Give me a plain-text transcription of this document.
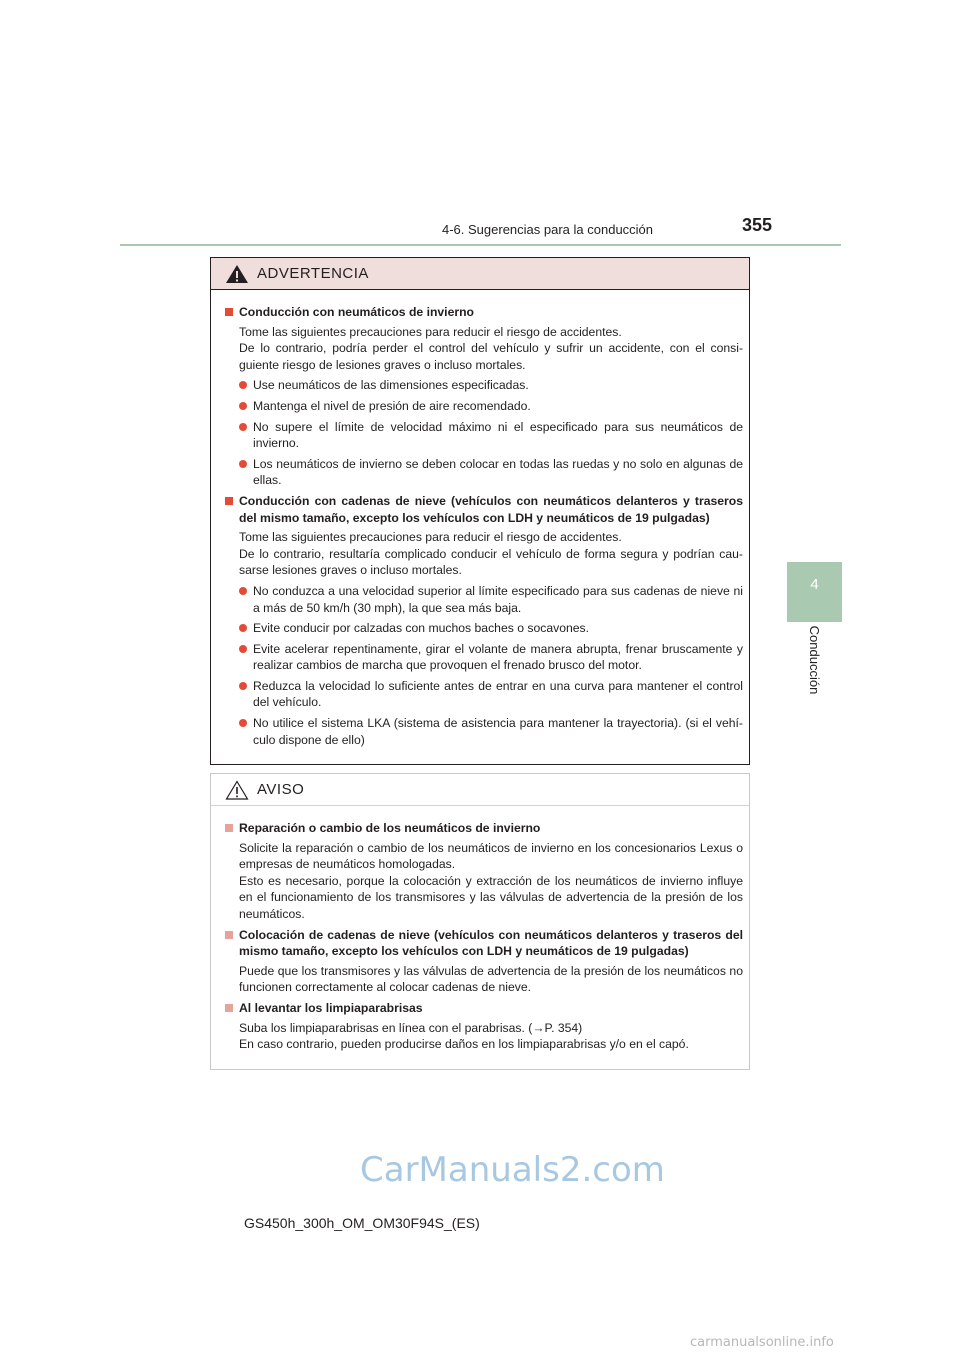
4-6. Sugerencias para la conducción	355
4
Conducción
ADVERTENCIA
Conducción con neumáticos de invierno
Tome las siguientes precauciones para reducir el riesgo de accidentes.
De lo contrario, podría perder el control del vehículo y sufrir un accidente, con el consi-guiente riesgo de lesiones graves o incluso mortales.
Use neumáticos de las dimensiones especificadas.
Mantenga el nivel de presión de aire recomendado.
No supere el límite de velocidad máximo ni el especificado para sus neumáticos de invierno.
Los neumáticos de invierno se deben colocar en todas las ruedas y no solo en algunas de ellas.
Conducción con cadenas de nieve (vehículos con neumáticos delanteros y traseros del mismo tamaño, excepto los vehículos con LDH y neumáticos de 19 pulgadas)
Tome las siguientes precauciones para reducir el riesgo de accidentes.
De lo contrario, resultaría complicado conducir el vehículo de forma segura y podrían cau-sarse lesiones graves o incluso mortales.
No conduzca a una velocidad superior al límite especificado para sus cadenas de nieve ni a más de 50 km/h (30 mph), la que sea más baja.
Evite conducir por calzadas con muchos baches o socavones.
Evite acelerar repentinamente, girar el volante de manera abrupta, frenar bruscamente y realizar cambios de marcha que provoquen el frenado brusco del motor.
Reduzca la velocidad lo suficiente antes de entrar en una curva para mantener el control del vehículo.
No utilice el sistema LKA (sistema de asistencia para mantener la trayectoria). (si el vehí-culo dispone de ello)
AVISO
Reparación o cambio de los neumáticos de invierno
Solicite la reparación o cambio de los neumáticos de invierno en los concesionarios Lexus o empresas de neumáticos homologadas.
Esto es necesario, porque la colocación y extracción de los neumáticos de invierno influye en el funcionamiento de los transmisores y las válvulas de advertencia de la presión de los neumáticos.
Colocación de cadenas de nieve (vehículos con neumáticos delanteros y traseros del mismo tamaño, excepto los vehículos con LDH y neumáticos de 19 pulgadas)
Puede que los transmisores y las válvulas de advertencia de la presión de los neumáticos no funcionen correctamente al colocar cadenas de nieve.
Al levantar los limpiaparabrisas
Suba los limpiaparabrisas en línea con el parabrisas. (→P. 354)
En caso contrario, pueden producirse daños en los limpiaparabrisas y/o en el capó.
CarManuals2.com
GS450h_300h_OM_OM30F94S_(ES)
carmanualsonline.info
